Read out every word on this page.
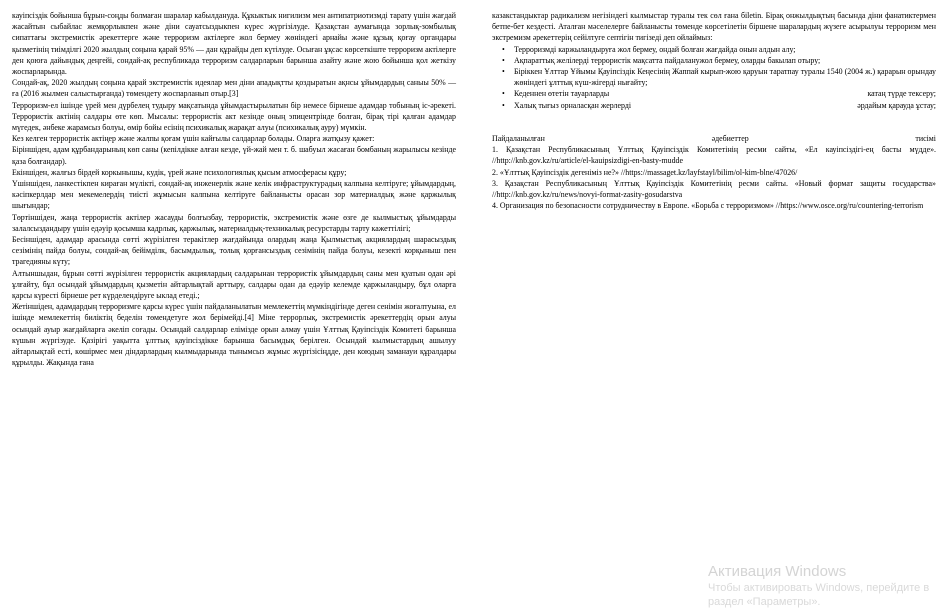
кауіпсіздік бойынша бұрын-соңды болмаған шаралар кабылдануда. Құкыктык нигилизм мен антипатриотизмді тарату үшін жағдай жасайтын сыбайлас жемқорлыкпен және діни сауатсыздыкпен күрес жүргізілуде. Қазақстан аумағында зорлық-зомбылық сипаттағы экстремистік әрекеттерге және терроризм актілерге жол бермеу жөніндегі арнайы және құзық қоғау органдары қызметінің тиімділгі 2020 жылдың соңына қарай 95% — дан құрайды деп күтілуде. Осыған ұқсас көрсеткіште терроризм актілерге ден қоюға дайындық деңгейі, сондай-ақ республикада терроризм салдарларын барынша азайту және жою бойынша қол жеткізу жоспарларында.

Сондай-ақ, 2020 жылдың соңына қарай экстремистік идеялар мен діни ападықтты қоздыратын ақнсы ұйымдардың саныы 50% — ға (2016 жылмен салыстырғанда) төмендету жоспарланып отыр.[3]

Терроризм-ел ішінде үрей мен дүрбелең тудыру мақсатында ұйымдастырылатын бір немесе бірнеше адамдар тобының іс-әрекеті. Террористік актінің салдары өте көп. Мысалы: террористік акт кезінде оның эпицентрінде болған, бірақ тірі қалған адамдар мүгедек, әнбеке жарамсыз болуы, өмір бойы есінің психикалық жарақат алуы (психикалық ауру) мүмкін.

Кез келген террористік актіңер және жалпы қоғам үшін кайғылы салдарлар болады. Оларға жатқызу қажет:

Біріншіден, адам құрбандарының көп саны (кепілдікке алған кезде, үй-жай мен т. б. шабуыл жасаған бомбаның жарылысы кезінде қаза болғандар).

Екіншіден, жалғыз бірдей коркынышы, кудік, үрей және психологиялық қысым атмосферасы құру;

Үшіншіден, ланкестікпен кираған мүлікті, сондай-ақ инженерлік және келік инфраструктурадың калпына келтіруге; ұйымдардың, кәсіпкерлдар мен мекемелердің тиісті жұмысын калпына келтіруге байланысты орасан зор материалдық және қаржылық шығындар;

Төртіншіден, жаңа террористік актілер жасауды болғызбау, террористік, экстремистік және өзге де кылмыстық ұйымдарды залалсыздандыру үшін едәуір қосымша кадрлық, қаржылық, материалдық-техникалық ресурстарды тарту кажеттілігі;

Бесіншіден, адамдар арасында сөтті жүрізілген теракітлер жағдайында олардың жаңа Қылмыстық акциялардың шарасыздық сезімінің пайда болуы, сондай-ақ бейімділк, басымдылық, толық қорғансыздық сезімінің пайда болуы, кезекті корқыныш пен трагедияны күту;

Алтыншыдан, бұрын сөтті жүрізілген террористік акциялардың салдарынан террористік ұйымдардың саны мен қуатын одан әрі ұлғайту, бұл осындай ұйымдардың қызметін айтарлықтай арттыру, салдары одан да едәуір келемде қаржыландыру, бұл оларға қарсы күресті бірнеше рет күрделендіруге ыклад етеді.;

Жетіншіден, адамдардың терроризмге қарсы күрес үшін пайдаланылатын мемлекеттің мүмкіндігінде деген сенімін жоғалтуына, ел ішінде мемлекеттің биліктің беделін төмендетуге жол берімейді.[4] Міне террорлық, экстремистік әрекеттердің орын алуы осындай ауыр жағдайларға әкеліп соғады. Осындай салдарлар елімізде орын алмау үшін Ұлттық Қауіпсіздік Комитеті барынша күшын жүргізуде. Қазірігі уақытта ұлттық қауіпсіздікке барынша басымдық берілген. Осындай кылмыстардың ашылуу айтарлықтай есті, көшірмес мен діндарлардың кылмыдарында тынымсыз жұмыс жүргізісіңдде, ден коюдың заманауи құралдары құрылды. Жақында ғана

казакстандыктар радикализм негізіндегі кылмыстар туралы тек сөл ғана біletin. Бірақ онжылдықтың басында діни фанатиктермен бетпе-бет кездесті. Аталған мәселелерге байланысты төменде көрсетілетін біршене шаралардың жүзеге асырылуы терроризм мен экстремизм әрекеттерің сейілтуге септігін тигізеді деп ойлаймыз:

• Терроризмді каржыландыруға жол бермеу, ондай болған жағдайда онын алдын алу;
• Ақпараттық желілерді террористік мақсатта пайдаланужол бермеу, оларды бакылап отыру;
• Біріккен Ұлттар Ұйымы Қауіпсіздік Кеңесінің Жаппай кырып-жою қаруын таратпау туралы 1540 (2004 ж.) қарарын орындау жөніндегі ұлттық күш-жігерді нығайту;
• Кеденнен өтетін тауарларды	катаң түрде тексеру;
• Халық тығыз орналасқан жерлерді	әрдайым қарауда ұстау;
Пайдаланылған	әдебиеттер	тисімі
1. Қазақстан Республикасының Ұлттық Қауіпсіздік Комитетінің ресми сайты, «Ел кауіпсіздігі-ең басты мүдде». //http://knb.gov.kz/ru/article/el-kauipsizdigi-en-basty-mudde
2. «Ұлттық Қауіпсіздік дегеніміз не?» //https://massaget.kz/layfstayl/bilim/ol-kim-blne/47026/
3. Қазақстан Республикасының Ұлттық Қауіпсіздік Комитетінің ресми сайты. «Новый формат защиты государства» //http://knb.gov.kz/ru/news/novyi-format-zasity-gosudarstva
4. Организация по безопасности сотрудничеству в Европе. «Борьба с терроризмом» //https://www.osce.org/ru/countering-terrorism
Активация Windows
Чтобы активировать Windows, перейдите в
раздел «Параметры».
